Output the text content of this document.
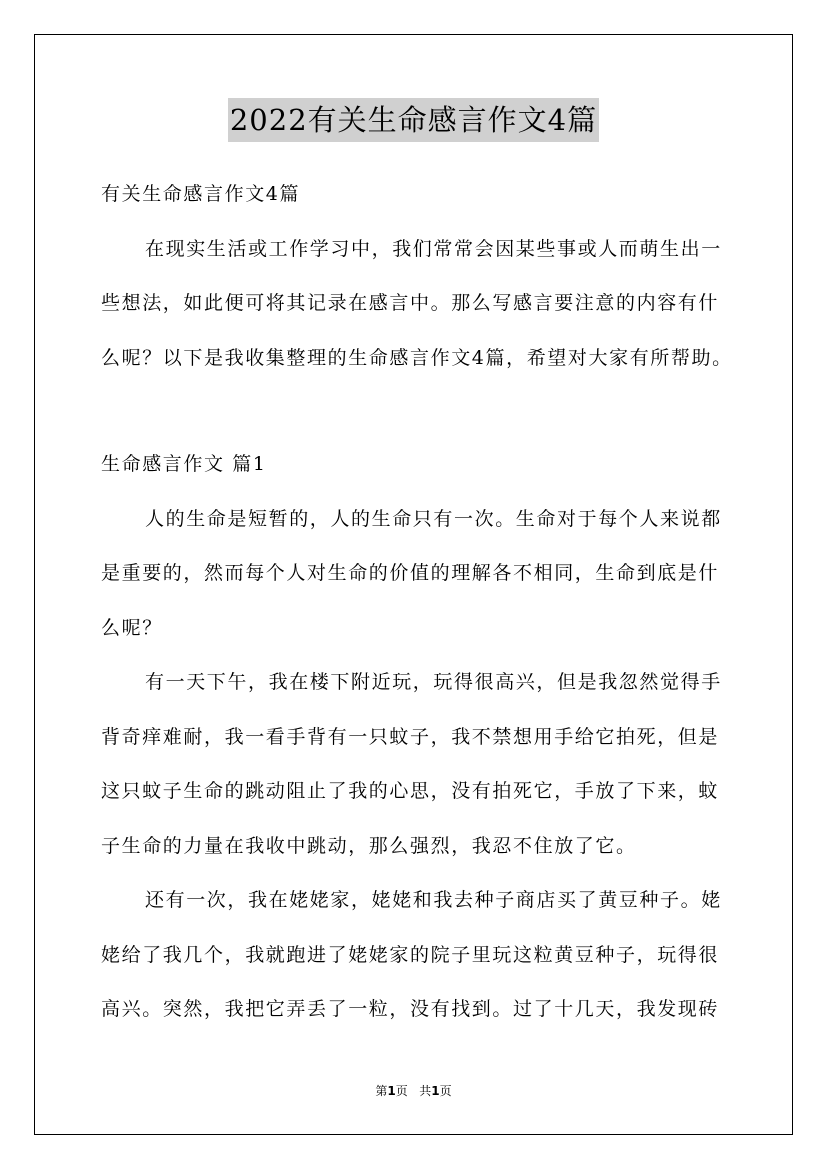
2022有关生命感言作文4篇
有关生命感言作文4篇
在现实生活或工作学习中，我们常常会因某些事或人而萌生出一
些想法，如此便可将其记录在感言中。那么写感言要注意的内容有什
么呢？以下是我收集整理的生命感言作文4篇，希望对大家有所帮助。
生命感言作文 篇1
人的生命是短暂的，人的生命只有一次。生命对于每个人来说都
是重要的，然而每个人对生命的价值的理解各不相同，生命到底是什
么呢？
有一天下午，我在楼下附近玩，玩得很高兴，但是我忽然觉得手
背奇痒难耐，我一看手背有一只蚊子，我不禁想用手给它拍死，但是
这只蚊子生命的跳动阻止了我的心思，没有拍死它，手放了下来，蚊
子生命的力量在我收中跳动，那么强烈，我忍不住放了它。
还有一次，我在姥姥家，姥姥和我去种子商店买了黄豆种子。姥
姥给了我几个，我就跑进了姥姥家的院子里玩这粒黄豆种子，玩得很
高兴。突然，我把它弄丢了一粒，没有找到。过了十几天，我发现砖
第1页 共1页
